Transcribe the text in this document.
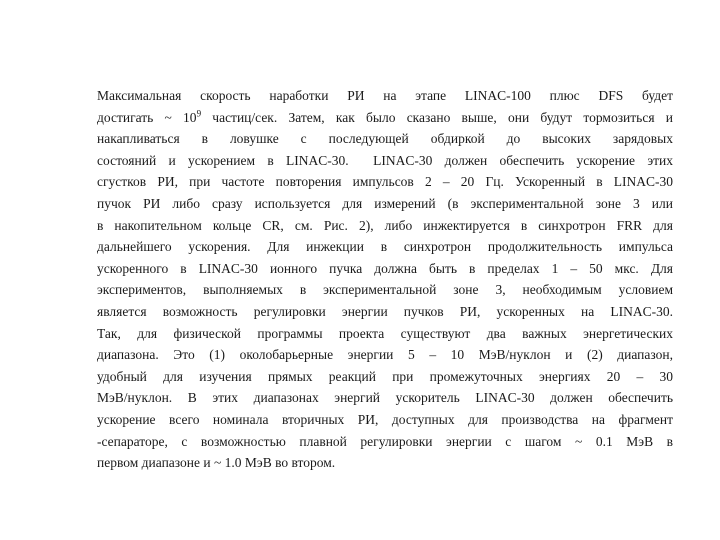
Максимальная скорость наработки РИ на этапе LINAC-100 плюс DFS будет
достигать ~ $10^9$ частиц/сек. Затем, как было сказано выше, они будут тормозиться и
накапливаться в ловушке с последующей обдиркой до высоких зарядовых
состояний и ускорением в LINAC-30.  LINAC-30 должен обеспечить ускорение этих
сгустков РИ, при частоте повторения импульсов 2 – 20 Гц. Ускоренный в LINAC-30
пучок РИ либо сразу используется для измерений (в экспериментальной зоне 3 или
в накопительном кольце CR, см. Рис. 2), либо инжектируется в синхротрон FRR для
дальнейшего ускорения. Для инжекции в синхротрон продолжительность импульса
ускоренного в LINAC-30 ионного пучка должна быть в пределах 1 – 50 мкс. Для
экспериментов, выполняемых в экспериментальной зоне 3, необходимым условием
является возможность регулировки энергии пучков РИ, ускоренных на LINAC-30.
Так, для физической программы проекта существуют два важных энергетических
диапазона. Это (1) околобарьерные энергии 5 – 10 МэВ/нуклон и (2) диапазон,
удобный для изучения прямых реакций при промежуточных энергиях 20 – 30
МэВ/нуклон. В этих диапазонах энергий ускоритель LINAC-30 должен обеспечить
ускорение всего номинала вторичных РИ, доступных для производства на фрагмент
-сепараторе, с возможностью плавной регулировки энергии с шагом ~ 0.1 МэВ в
первом диапазоне и ~ 1.0 МэВ во втором.
